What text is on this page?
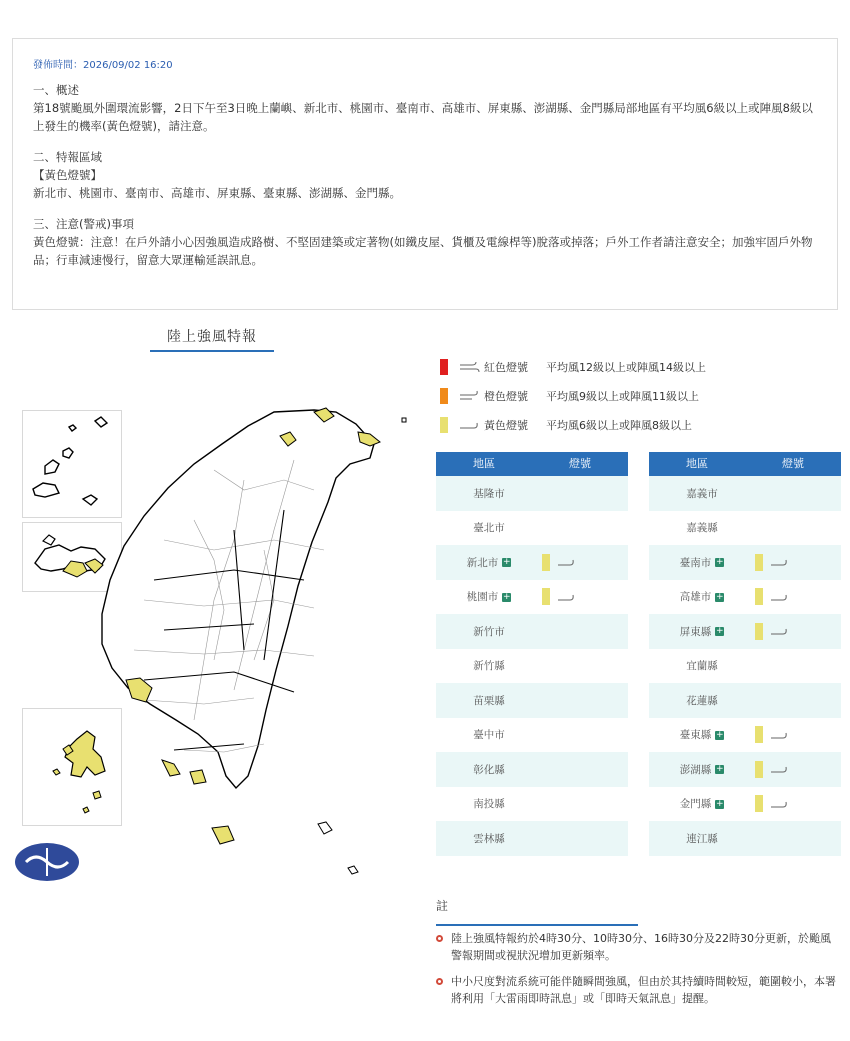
發佈時間：2026/09/02 16:20

一、概述
第18號颱風外圍環流影響，2日下午至3日晚上蘭嶼、新北市、桃園市、臺南市、高雄市、屏東縣、澎湖縣、金門縣局部地區有平均風6級以上或陣風8級以上發生的機率(黃色燈號)，請注意。

二、特報區域
【黃色燈號】
新北市、桃園市、臺南市、高雄市、屏東縣、臺東縣、澎湖縣、金門縣。

三、注意(警戒)事項
黃色燈號：注意！在戶外請小心因強風造成路樹、不堅固建築或定著物(如鐵皮屋、貨櫃及電線桿等)脫落或掉落；戶外工作者請注意安全；加強牢固戶外物品；行車減速慢行，留意大眾運輸延誤訊息。

陸上強風特報
紅色燈號	平均風12級以上或陣風14級以上
橙色燈號	平均風9級以上或陣風11級以上
黃色燈號	平均風6級以上或陣風8級以上
地區	燈號
基隆市
臺北市
新北市 +
桃園市 +
新竹市
新竹縣
苗栗縣
臺中市
彰化縣
南投縣
雲林縣
地區	燈號
嘉義市
嘉義縣
臺南市 +
高雄市 +
屏東縣 +
宜蘭縣
花蓮縣
臺東縣 +
澎湖縣 +
金門縣 +
連江縣
註
陸上強風特報約於4時30分、10時30分、16時30分及22時30分更新，於颱風警報期間或視狀況增加更新頻率。
中小尺度對流系統可能伴隨瞬間強風，但由於其持續時間較短，範圍較小，本署將利用「大雷雨即時訊息」或「即時天氣訊息」提醒。
